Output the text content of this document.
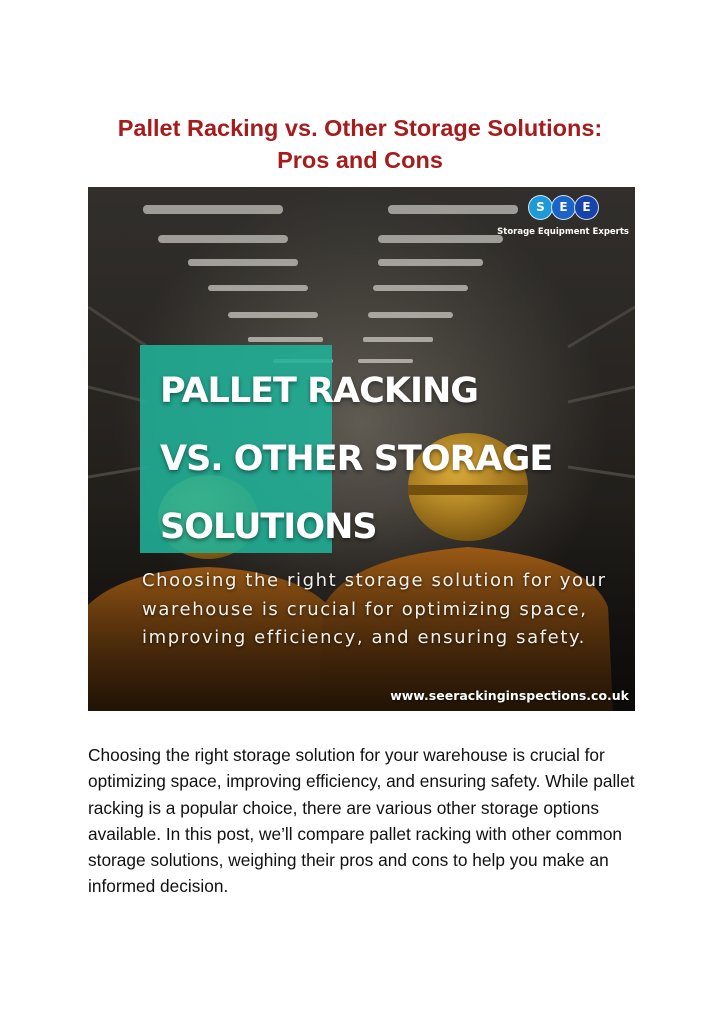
Pallet Racking vs. Other Storage Solutions:
Pros and Cons
S	E	E
Storage Equipment Experts
PALLET RACKING
VS. OTHER STORAGE
SOLUTIONS

Choosing the right storage solution for your warehouse is crucial for optimizing space, improving efficiency, and ensuring safety.

www.seerackinginspections.co.uk

Choosing the right storage solution for your warehouse is crucial for optimizing space, improving efficiency, and ensuring safety. While pallet racking is a popular choice, there are various other storage options available. In this post, we’ll compare pallet racking with other common storage solutions, weighing their pros and cons to help you make an informed decision.
